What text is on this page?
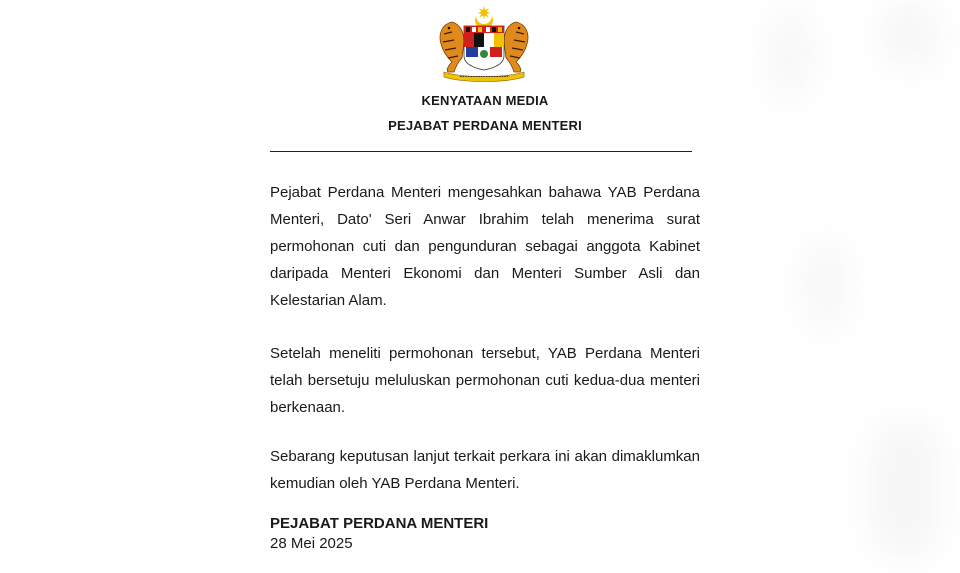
KENYATAAN MEDIA
PEJABAT PERDANA MENTERI

Pejabat Perdana Menteri mengesahkan bahawa YAB Perdana
Menteri, Dato' Seri Anwar Ibrahim telah menerima surat
permohonan cuti dan pengunduran sebagai anggota Kabinet
daripada Menteri Ekonomi dan Menteri Sumber Asli dan
Kelestarian Alam.

Setelah meneliti permohonan tersebut, YAB Perdana Menteri
telah bersetuju meluluskan permohonan cuti kedua-dua menteri
berkenaan.

Sebarang keputusan lanjut terkait perkara ini akan dimaklumkan
kemudian oleh YAB Perdana Menteri.

PEJABAT PERDANA MENTERI
28 Mei 2025
